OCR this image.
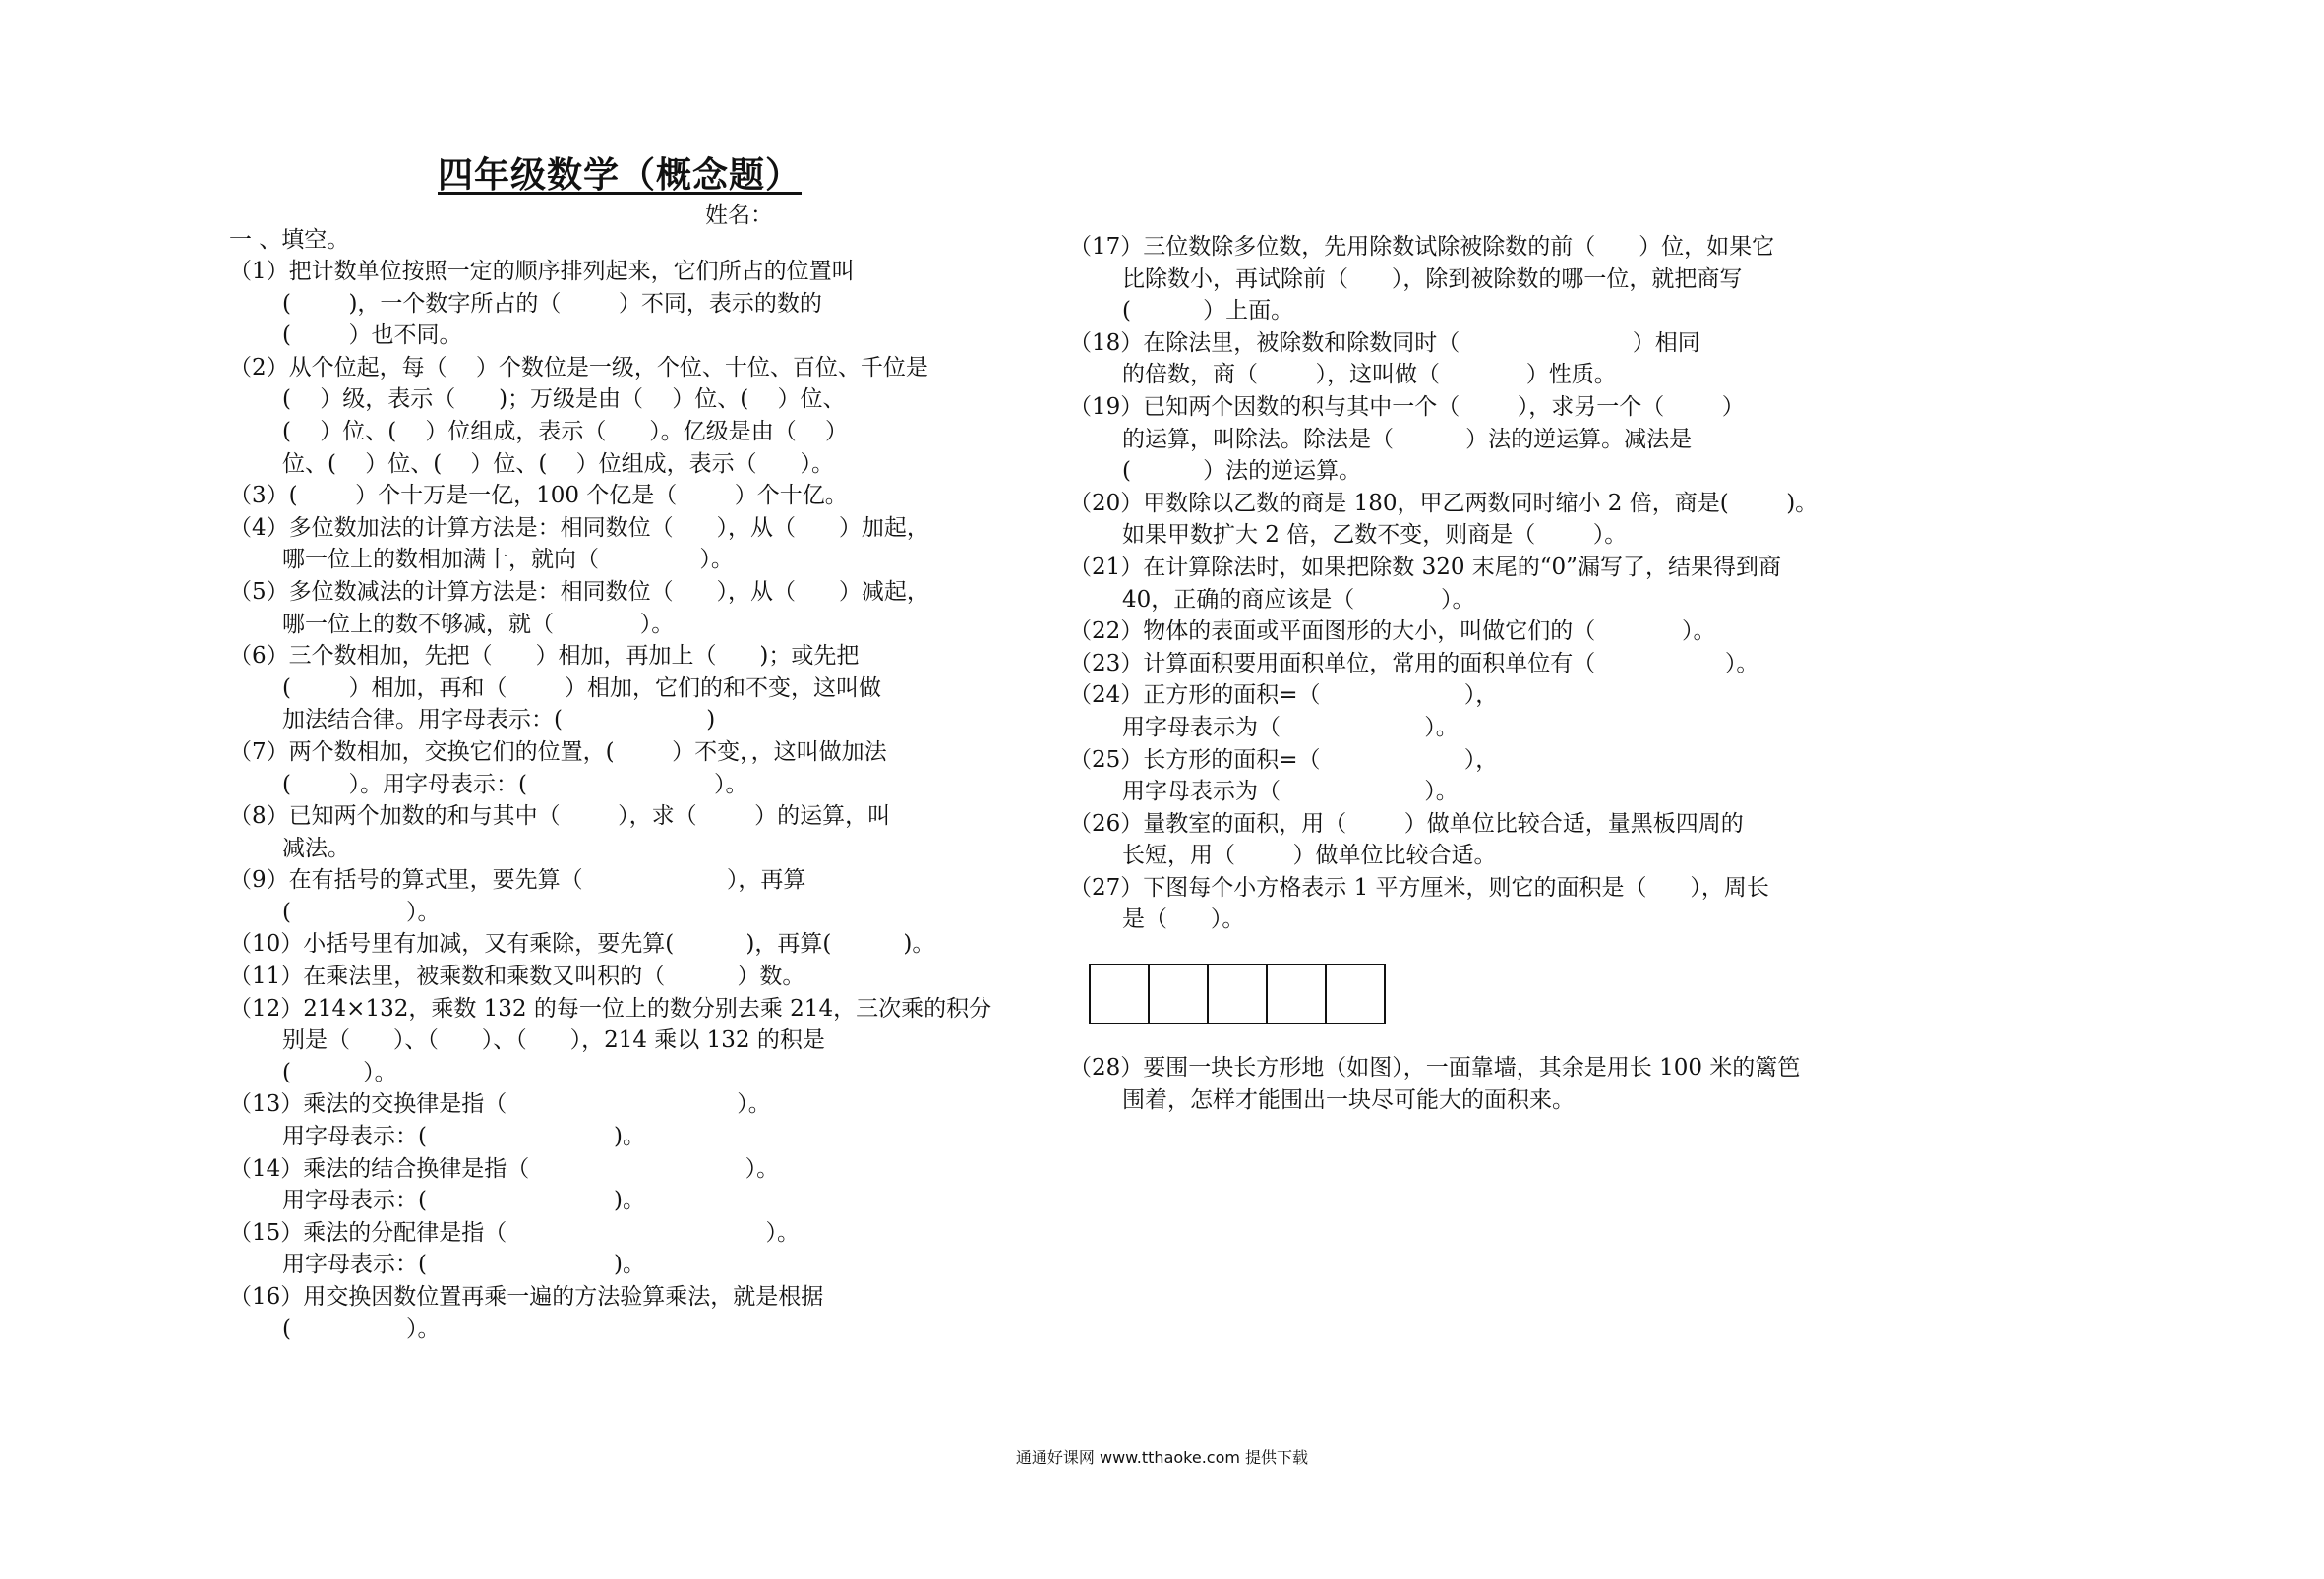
四年级数学（概念题）
姓名：
一 、填空。
（1）把计数单位按照一定的顺序排列起来，它们所占的位置叫
(        )，一个数字所占的（        ）不同，表示的数的
(        ）也不同。
（2）从个位起，每（    ）个数位是一级，个位、十位、百位、千位是
(    ）级，表示（      )；万级是由（    ）位、(    ）位、
(    ）位、(    ）位组成，表示（      ）。亿级是由（    ）
位、(    ）位、(    ）位、(    ）位组成，表示（      ）。
（3）(        ）个十万是一亿，100 个亿是（        ）个十亿。
（4）多位数加法的计算方法是：相同数位（      ），从（      ）加起，
哪一位上的数相加满十，就向（              ）。
（5）多位数减法的计算方法是：相同数位（      ），从（      ）减起，
哪一位上的数不够减，就（            ）。
（6）三个数相加，先把（      ）相加，再加上（      )；或先把
(        ）相加，再和（        ）相加，它们的和不变，这叫做
加法结合律。用字母表示：(                    )
（7）两个数相加，交换它们的位置，(        ）不变，，这叫做加法
(        ）。用字母表示：(                          ）。
（8）已知两个加数的和与其中（        ），求（        ）的运算，叫
减法。
（9）在有括号的算式里，要先算（                    ），再算
(                ）。
（10）小括号里有加减，又有乘除，要先算(          )，再算(          )。
（11）在乘法里，被乘数和乘数又叫积的（          ）数。
（12）214×132，乘数 132 的每一位上的数分别去乘 214，三次乘的积分
别是（      ）、（      ）、（      ），214 乘以 132 的积是
(          ）。
（13）乘法的交换律是指（                                ）。
用字母表示：(                          )。
（14）乘法的结合换律是指（                              ）。
用字母表示：(                          )。
（15）乘法的分配律是指（                                    ）。
用字母表示：(                          )。
（16）用交换因数位置再乘一遍的方法验算乘法，就是根据
(                ）。
（17）三位数除多位数，先用除数试除被除数的前（      ）位，如果它
比除数小，再试除前（      ），除到被除数的哪一位，就把商写
(          ）上面。
（18）在除法里，被除数和除数同时（                        ）相同
的倍数，商（        ），这叫做（            ）性质。
（19）已知两个因数的积与其中一个（        ），求另一个（        ）
的运算，叫除法。除法是（          ）法的逆运算。减法是
(          ）法的逆运算。
（20）甲数除以乙数的商是 180，甲乙两数同时缩小 2 倍，商是(        )。
如果甲数扩大 2 倍，乙数不变，则商是（        ）。
（21）在计算除法时，如果把除数 320 末尾的“0”漏写了，结果得到商
40，正确的商应该是（            ）。
（22）物体的表面或平面图形的大小，叫做它们的（            ）。
（23）计算面积要用面积单位，常用的面积单位有（                  ）。
（24）正方形的面积=（                    ），
用字母表示为（                    ）。
（25）长方形的面积=（                    ），
用字母表示为（                    ）。
（26）量教室的面积，用（        ）做单位比较合适，量黑板四周的
长短，用（        ）做单位比较合适。
（27）下图每个小方格表示 1 平方厘米，则它的面积是（      ），周长
是（      ）。
（28）要围一块长方形地（如图），一面靠墙，其余是用长 100 米的篱笆
围着，怎样才能围出一块尽可能大的面积来。
通通好课网 www.tthaoke.com 提供下载
